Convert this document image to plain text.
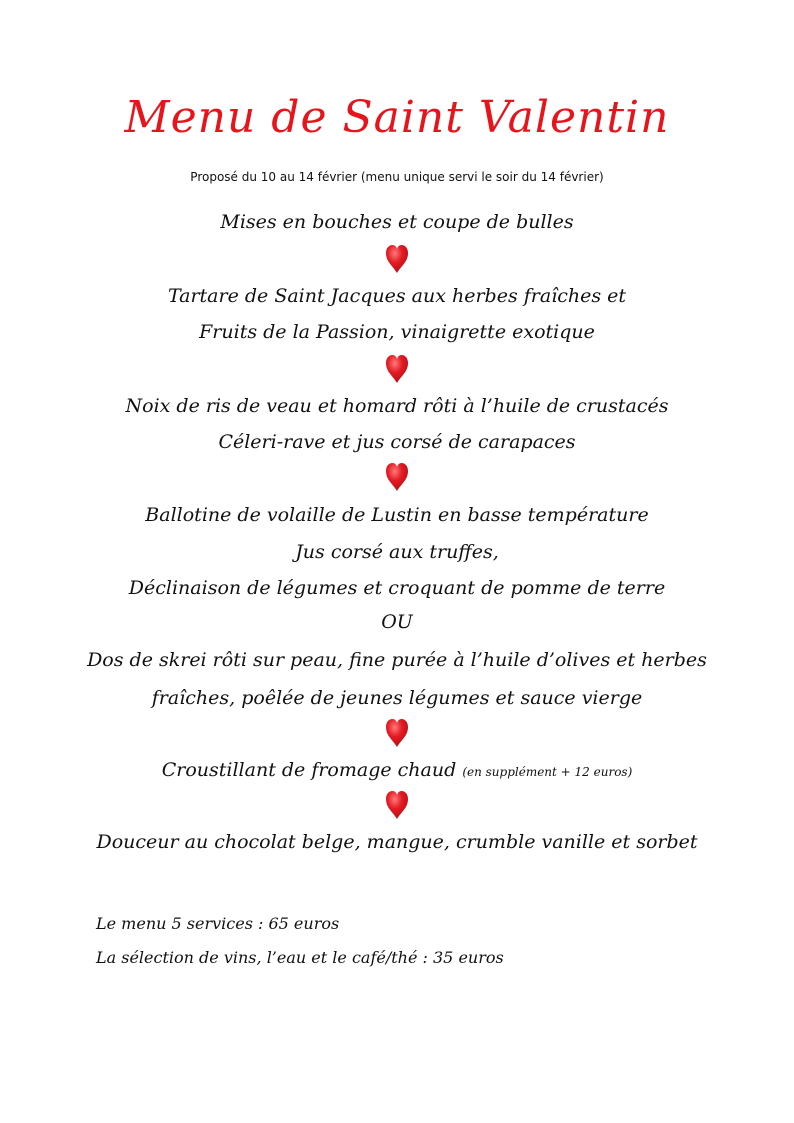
Menu de Saint Valentin
Proposé du 10 au 14 février (menu unique servi le soir du 14 février)
Mises en bouches et coupe de bulles
Tartare de Saint Jacques aux herbes fraîches et
Fruits de la Passion, vinaigrette exotique
Noix de ris de veau et homard rôti à l’huile de crustacés
Céleri-rave et jus corsé de carapaces
Ballotine de volaille de Lustin en basse température
Jus corsé aux truffes,
Déclinaison de légumes et croquant de pomme de terre
OU
Dos de skrei rôti sur peau, fine purée à l’huile d’olives et herbes
fraîches, poêlée de jeunes légumes et sauce vierge
Croustillant de fromage chaud (en supplément + 12 euros)
Douceur au chocolat belge, mangue, crumble vanille et sorbet
Le menu 5 services : 65 euros
La sélection de vins, l’eau et le café/thé : 35 euros
